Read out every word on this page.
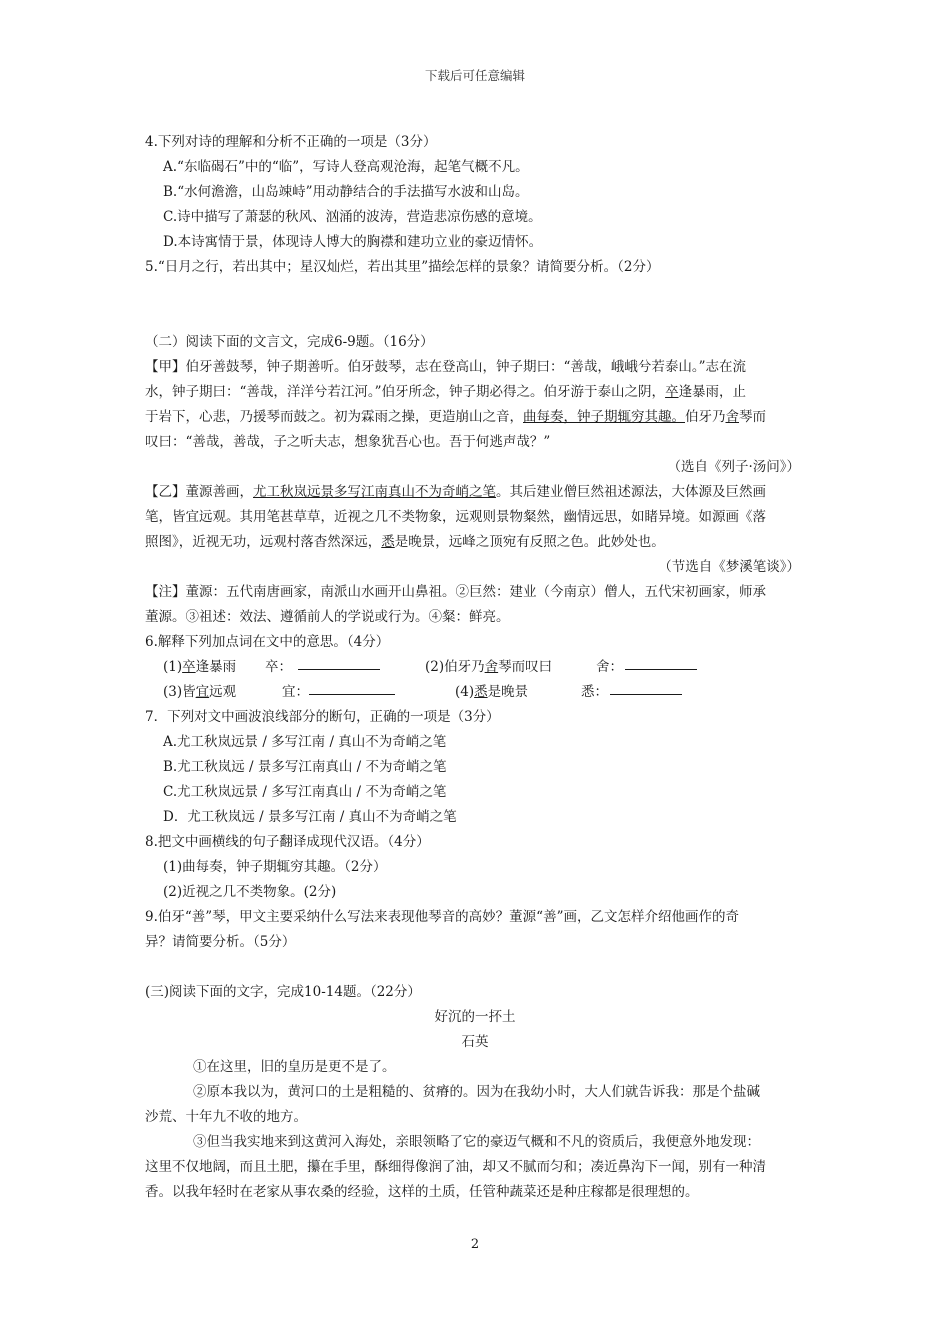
下载后可任意编辑
4.下列对诗的理解和分析不正确的一项是（3分）
A.“东临碣石”中的“临”，写诗人登高观沧海，起笔气概不凡。
B.“水何澹澹，山岛竦峙”用动静结合的手法描写水波和山岛。
C.诗中描写了萧瑟的秋风、汹涌的波涛，营造悲凉伤感的意境。
D.本诗寓情于景，体现诗人博大的胸襟和建功立业的豪迈情怀。
5.“日月之行，若出其中；星汉灿烂，若出其里”描绘怎样的景象？请简要分析。（2分）
（二）阅读下面的文言文，完成6-9题。（16分）
【甲】伯牙善鼓琴，钟子期善听。伯牙鼓琴，志在登高山，钟子期曰：“善哉，峨峨兮若泰山。”志在流
水，钟子期曰：“善哉，洋洋兮若江河。”伯牙所念，钟子期必得之。伯牙游于泰山之阴，卒逢暴雨，止
于岩下，心悲，乃援琴而鼓之。初为霖雨之操，更造崩山之音，曲每奏，钟子期辄穷其趣。伯牙乃舍琴而
叹曰：“善哉，善哉，子之听夫志，想象犹吾心也。吾于何逃声哉？”
（选自《列子·汤问》）
【乙】董源善画，尤工秋岚远景多写江南真山不为奇峭之笔。其后建业僧巨然祖述源法，大体源及巨然画
笔，皆宜远观。其用笔甚草草，近视之几不类物象，远观则景物粲然，幽情远思，如睹异境。如源画《落
照图》，近视无功，远观村落杳然深远，悉是晚景，远峰之顶宛有反照之色。此妙处也。
（节选自《梦溪笔谈》）
【注】董源：五代南唐画家，南派山水画开山鼻祖。②巨然：建业（今南京）僧人，五代宋初画家，师承
董源。③祖述：效法、遵循前人的学说或行为。④粲：鲜亮。
6.解释下列加点词在文中的意思。（4分）
(1)卒逢暴雨 卒：	(2)伯牙乃舍琴而叹曰	舍：
(3)皆宜远观	宜：	(4)悉是晚景	悉：
7．下列对文中画波浪线部分的断句，正确的一项是（3分）
A.尤工秋岚远景 / 多写江南 / 真山不为奇峭之笔
B.尤工秋岚远 / 景多写江南真山 / 不为奇峭之笔
C.尤工秋岚远景 / 多写江南真山 / 不为奇峭之笔
D．尤工秋岚远 / 景多写江南 / 真山不为奇峭之笔
8.把文中画横线的句子翻译成现代汉语。（4分）
(1)曲每奏，钟子期辄穷其趣。（2分）
(2)近视之几不类物象。(2分)
9.伯牙“善”琴，甲文主要采纳什么写法来表现他琴音的高妙？董源“善”画，乙文怎样介绍他画作的奇
异？请简要分析。（5分）
(三)阅读下面的文字，完成10-14题。（22分）
好沉的一抔土
石英
①在这里，旧的皇历是更不是了。
②原本我以为，黄河口的土是粗糙的、贫瘠的。因为在我幼小时，大人们就告诉我：那是个盐碱
沙荒、十年九不收的地方。
③但当我实地来到这黄河入海处，亲眼领略了它的豪迈气概和不凡的资质后，我便意外地发现：
这里不仅地阔，而且土肥，攥在手里，酥细得像润了油，却又不腻而匀和；凑近鼻沟下一闻，别有一种清
香。以我年轻时在老家从事农桑的经验，这样的土质，任管种蔬菜还是种庄稼都是很理想的。
2
